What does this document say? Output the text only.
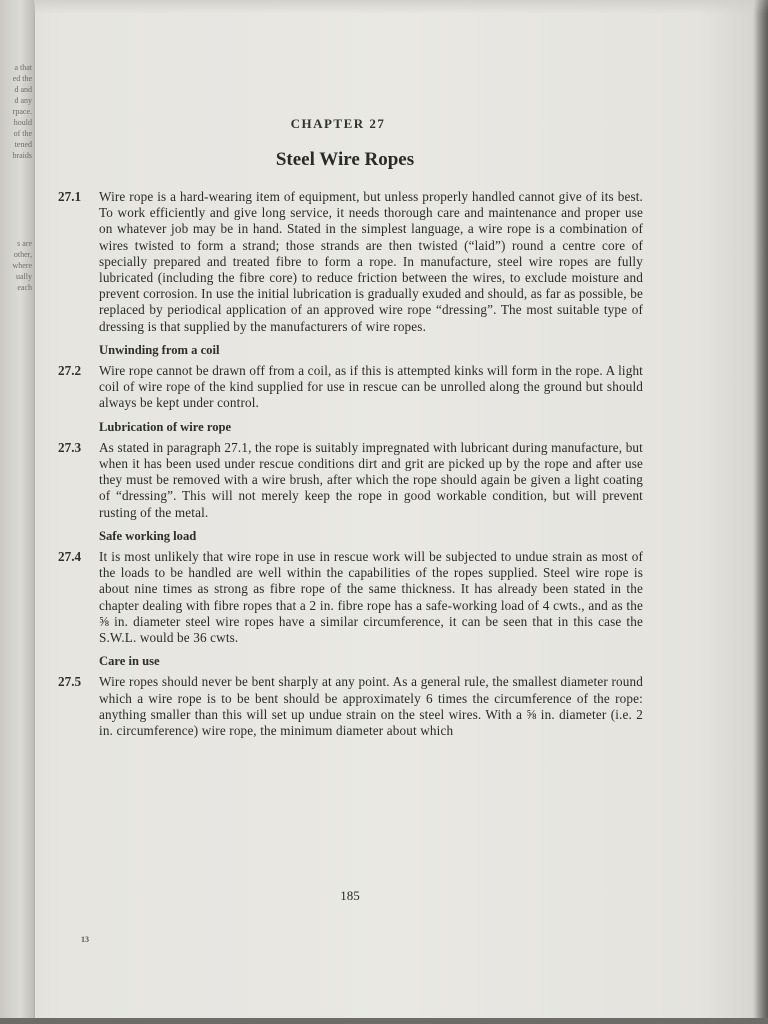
a that
ed the
d and
d any
rpace.
hould
of the
tened
braids
s are
other,
where
ually
each
CHAPTER 27
Steel Wire Ropes
27.1	Wire rope is a hard-wearing item of equipment, but unless properly handled cannot give of its best. To work efficiently and give long service, it needs thorough care and maintenance and proper use on whatever job may be in hand. Stated in the simplest language, a wire rope is a combination of wires twisted to form a strand; those strands are then twisted (“laid”) round a centre core of specially prepared and treated fibre to form a rope. In manufacture, steel wire ropes are fully lubricated (including the fibre core) to reduce friction between the wires, to exclude moisture and prevent corrosion. In use the initial lubrication is gradually exuded and should, as far as possible, be replaced by periodical application of an approved wire rope “dressing”. The most suitable type of dressing is that supplied by the manufacturers of wire ropes.
Unwinding from a coil
27.2	Wire rope cannot be drawn off from a coil, as if this is attempted kinks will form in the rope. A light coil of wire rope of the kind supplied for use in rescue can be unrolled along the ground but should always be kept under control.
Lubrication of wire rope
27.3	As stated in paragraph 27.1, the rope is suitably impregnated with lubricant during manufacture, but when it has been used under rescue conditions dirt and grit are picked up by the rope and after use they must be removed with a wire brush, after which the rope should again be given a light coating of “dressing”. This will not merely keep the rope in good workable condition, but will prevent rusting of the metal.
Safe working load
27.4	It is most unlikely that wire rope in use in rescue work will be subjected to undue strain as most of the loads to be handled are well within the capabilities of the ropes supplied. Steel wire rope is about nine times as strong as fibre rope of the same thickness. It has already been stated in the chapter dealing with fibre ropes that a 2 in. fibre rope has a safe-working load of 4 cwts., and as the ⅝ in. diameter steel wire ropes have a similar circumference, it can be seen that in this case the S.W.L. would be 36 cwts.
Care in use
27.5	Wire ropes should never be bent sharply at any point. As a general rule, the smallest diameter round which a wire rope is to be bent should be approximately 6 times the circumference of the rope: anything smaller than this will set up undue strain on the steel wires. With a ⅝ in. diameter (i.e. 2 in. circumference) wire rope, the minimum diameter about which
185
13
